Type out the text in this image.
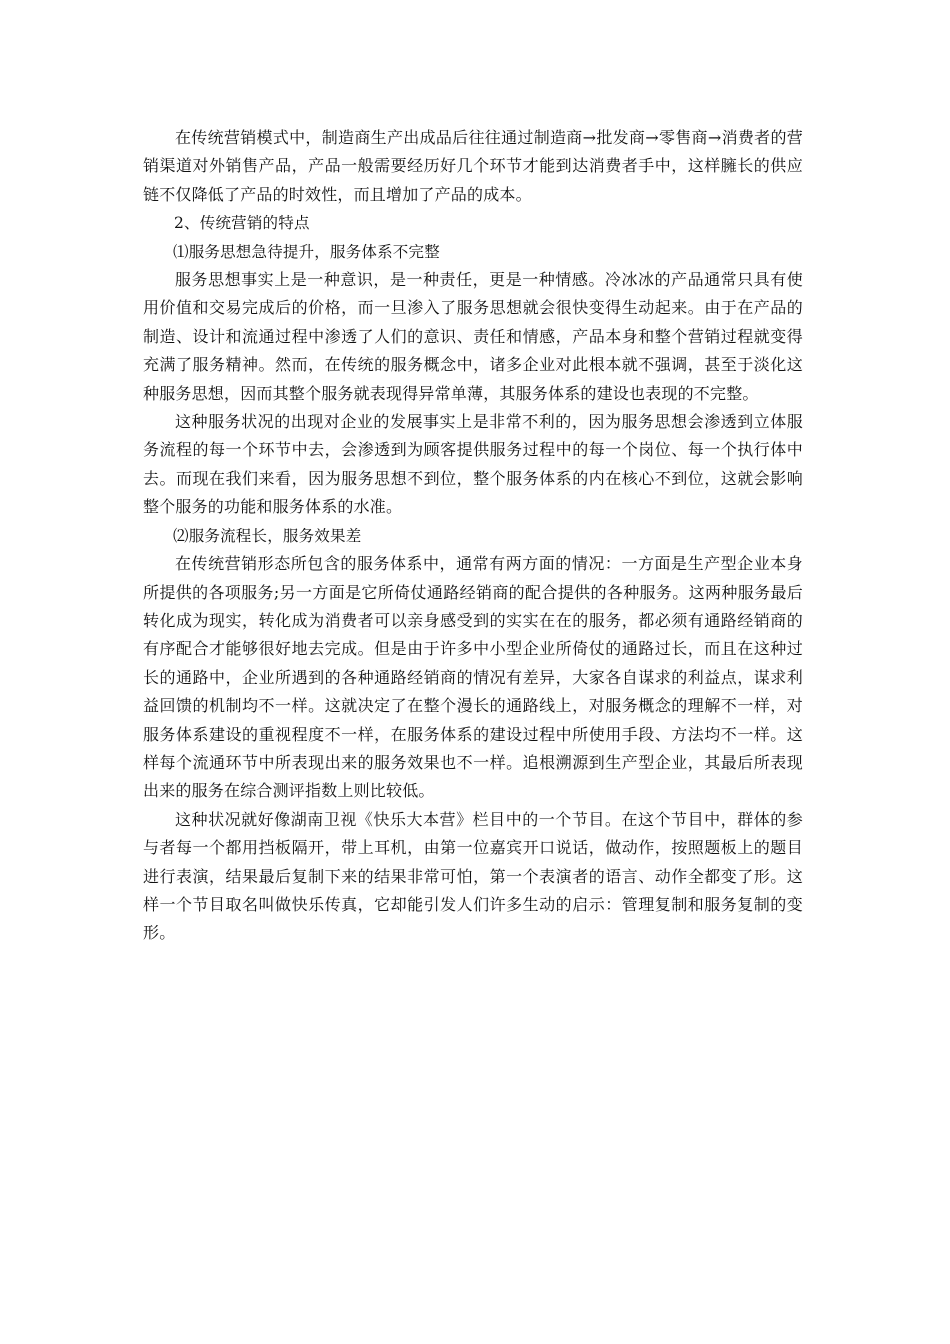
在传统营销模式中，制造商生产出成品后往往通过制造商→批发商→零售商→消费者的营销渠道对外销售产品，产品一般需要经历好几个环节才能到达消费者手中，这样臃长的供应链不仅降低了产品的时效性，而且增加了产品的成本。

2、传统营销的特点

⑴服务思想急待提升，服务体系不完整

服务思想事实上是一种意识，是一种责任，更是一种情感。冷冰冰的产品通常只具有使用价值和交易完成后的价格，而一旦渗入了服务思想就会很快变得生动起来。由于在产品的制造、设计和流通过程中渗透了人们的意识、责任和情感，产品本身和整个营销过程就变得充满了服务精神。然而，在传统的服务概念中，诸多企业对此根本就不强调，甚至于淡化这种服务思想，因而其整个服务就表现得异常单薄，其服务体系的建设也表现的不完整。

这种服务状况的出现对企业的发展事实上是非常不利的，因为服务思想会渗透到立体服务流程的每一个环节中去，会渗透到为顾客提供服务过程中的每一个岗位、每一个执行体中去。而现在我们来看，因为服务思想不到位，整个服务体系的内在核心不到位，这就会影响整个服务的功能和服务体系的水准。

⑵服务流程长，服务效果差

在传统营销形态所包含的服务体系中，通常有两方面的情况：一方面是生产型企业本身所提供的各项服务;另一方面是它所倚仗通路经销商的配合提供的各种服务。这两种服务最后转化成为现实，转化成为消费者可以亲身感受到的实实在在的服务，都必须有通路经销商的有序配合才能够很好地去完成。但是由于许多中小型企业所倚仗的通路过长，而且在这种过长的通路中，企业所遇到的各种通路经销商的情况有差异，大家各自谋求的利益点，谋求利益回馈的机制均不一样。这就决定了在整个漫长的通路线上，对服务概念的理解不一样，对服务体系建设的重视程度不一样，在服务体系的建设过程中所使用手段、方法均不一样。这样每个流通环节中所表现出来的服务效果也不一样。追根溯源到生产型企业，其最后所表现出来的服务在综合测评指数上则比较低。

这种状况就好像湖南卫视《快乐大本营》栏目中的一个节目。在这个节目中，群体的参与者每一个都用挡板隔开，带上耳机，由第一位嘉宾开口说话，做动作，按照题板上的题目进行表演，结果最后复制下来的结果非常可怕，第一个表演者的语言、动作全都变了形。这样一个节目取名叫做快乐传真，它却能引发人们许多生动的启示：管理复制和服务复制的变形。
